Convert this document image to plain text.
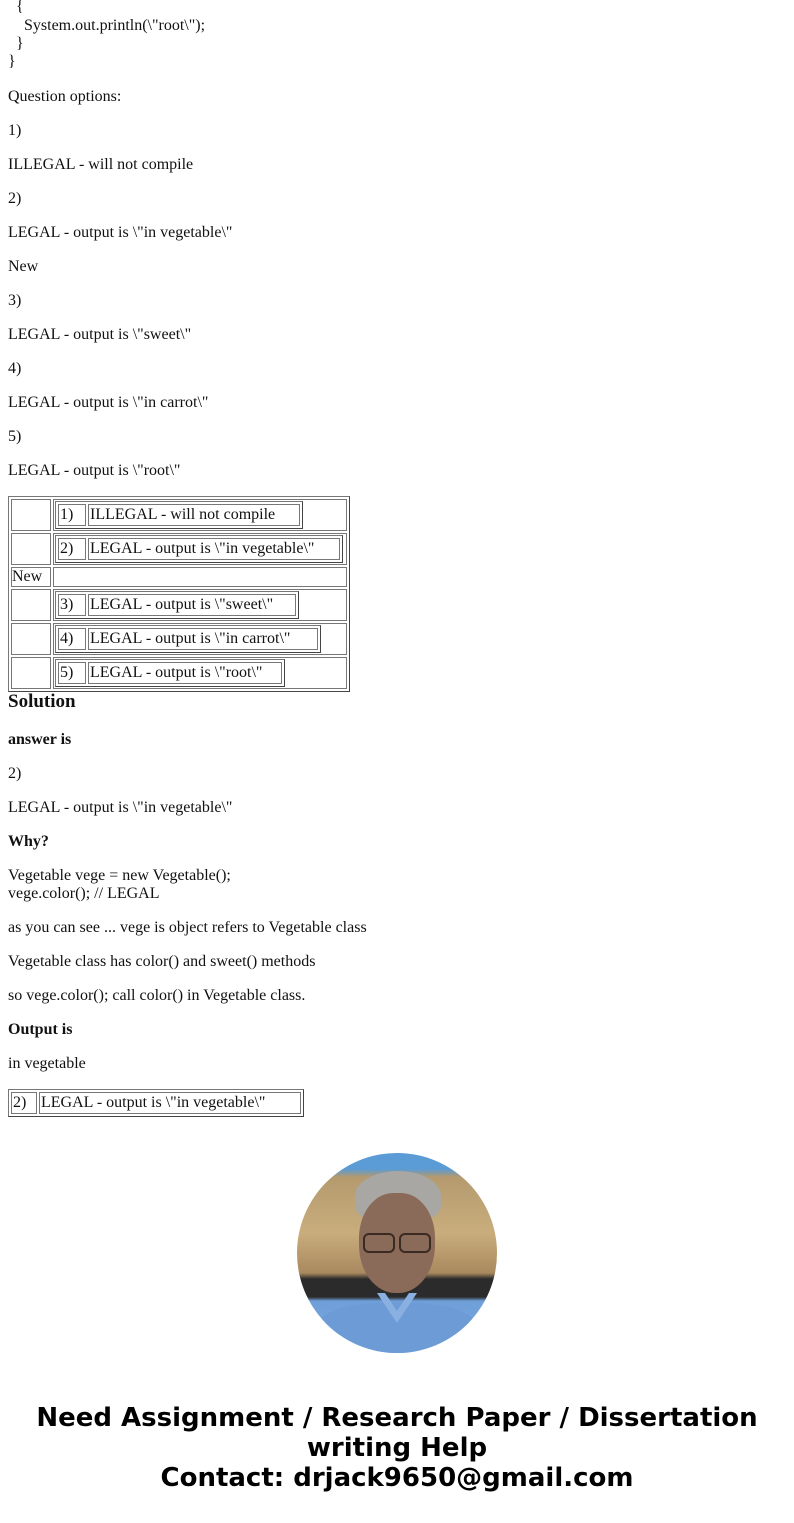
{
System.out.println(\"root\");
}
}
Question options:
1)
ILLEGAL - will not compile
2)
LEGAL - output is \"in vegetable\"
New
3)
LEGAL - output is \"sweet\"
4)
LEGAL - output is \"in carrot\"
5)
LEGAL - output is \"root\"

1)	ILLEGAL - will not compile

2)	LEGAL - output is \"in vegetable\"

New	

3)	LEGAL - output is \"sweet\"

4)	LEGAL - output is \"in carrot\"

5)	LEGAL - output is \"root\"
Solution
answer is
2)
LEGAL - output is \"in vegetable\"
Why?
Vegetable vege = new Vegetable();
vege.color(); // LEGAL
as you can see ... vege is object refers to Vegetable class
Vegetable class has color() and sweet() methods
so vege.color(); call color() in Vegetable class.
Output is
in vegetable
2)	LEGAL - output is \"in vegetable\"
Need Assignment / Research Paper / Dissertation
writing Help
Contact: drjack9650@gmail.com
